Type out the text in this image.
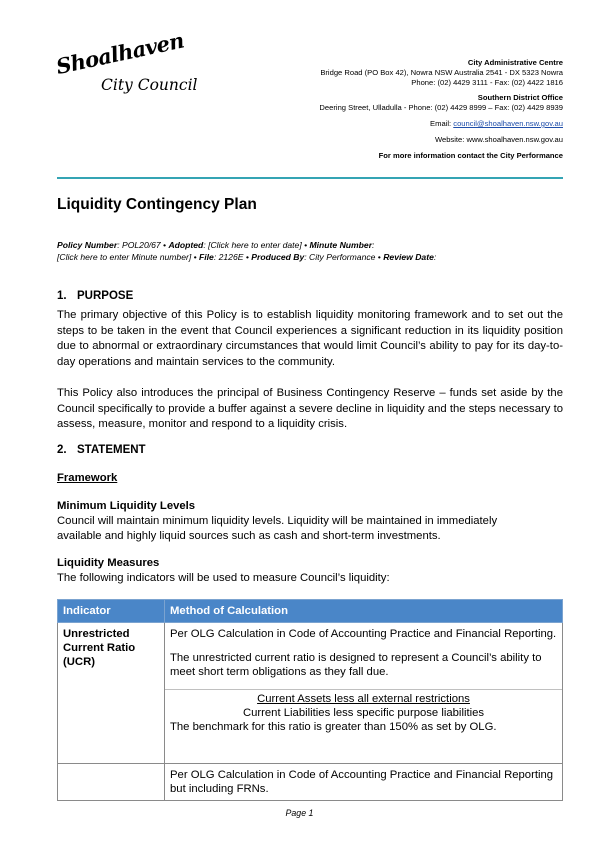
Shoalhaven
City Council
City Administrative Centre
Bridge Road (PO Box 42), Nowra NSW Australia 2541 - DX 5323 Nowra
Phone: (02) 4429 3111 - Fax: (02) 4422 1816
Southern District Office
Deering Street, Ulladulla - Phone: (02) 4429 8999 – Fax: (02) 4429 8939
Email: council@shoalhaven.nsw.gov.au
Website: www.shoalhaven.nsw.gov.au
For more information contact the City Performance
Liquidity Contingency Plan
Policy Number: POL20/67 • Adopted: [Click here to enter date] • Minute Number:
[Click here to enter Minute number] • File: 2126E • Produced By: City Performance • Review Date:
1. PURPOSE
The primary objective of this Policy is to establish liquidity monitoring framework and to set out the steps to be taken in the event that Council experiences a significant reduction in its liquidity position due to abnormal or extraordinary circumstances that would limit Council’s ability to pay for its day-to-day operations and maintain services to the community.
This Policy also introduces the principal of Business Contingency Reserve – funds set aside by the Council specifically to provide a buffer against a severe decline in liquidity and the steps necessary to assess, measure, monitor and respond to a liquidity crisis.
2. STATEMENT
Framework
Minimum Liquidity Levels
Council will maintain minimum liquidity levels. Liquidity will be maintained in immediately
available and highly liquid sources such as cash and short-term investments.
Liquidity Measures
The following indicators will be used to measure Council’s liquidity:
Indicator	Method of Calculation

Unrestricted Current Ratio (UCR)	Per OLG Calculation in Code of Accounting Practice and Financial Reporting.
The unrestricted current ratio is designed to represent a Council’s ability to meet short term obligations as they fall due.
Current Assets less all external restrictions
Current Liabilities less specific purpose liabilities
The benchmark for this ratio is greater than 150% as set by OLG.

	Per OLG Calculation in Code of Accounting Practice and Financial Reporting but including FRNs.
Page 1
